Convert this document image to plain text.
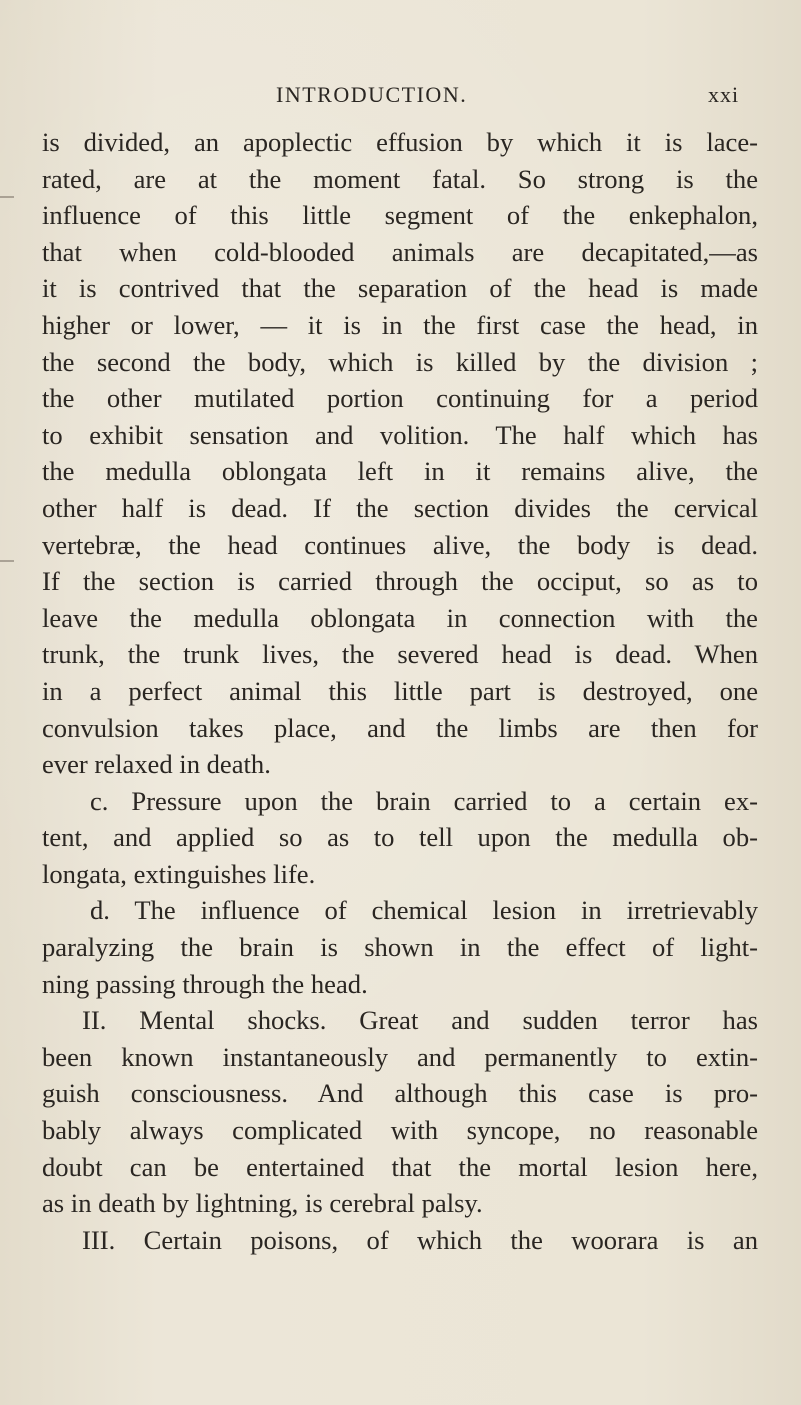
INTRODUCTION.	xxi
is divided, an apoplectic effusion by which it is lace-
rated, are at the moment fatal. So strong is the
influence of this little segment of the enkephalon,
that when cold-blooded animals are decapitated,—as
it is contrived that the separation of the head is made
higher or lower, — it is in the first case the head, in
the second the body, which is killed by the division ;
the other mutilated portion continuing for a period
to exhibit sensation and volition. The half which has
the medulla oblongata left in it remains alive, the
other half is dead. If the section divides the cervical
vertebræ, the head continues alive, the body is dead.
If the section is carried through the occiput, so as to
leave the medulla oblongata in connection with the
trunk, the trunk lives, the severed head is dead. When
in a perfect animal this little part is destroyed, one
convulsion takes place, and the limbs are then for
ever relaxed in death.
c. Pressure upon the brain carried to a certain ex-
tent, and applied so as to tell upon the medulla ob-
longata, extinguishes life.
d. The influence of chemical lesion in irretrievably
paralyzing the brain is shown in the effect of light-
ning passing through the head.
II. Mental shocks. Great and sudden terror has
been known instantaneously and permanently to extin-
guish consciousness. And although this case is pro-
bably always complicated with syncope, no reasonable
doubt can be entertained that the mortal lesion here,
as in death by lightning, is cerebral palsy.
III. Certain poisons, of which the woorara is an
